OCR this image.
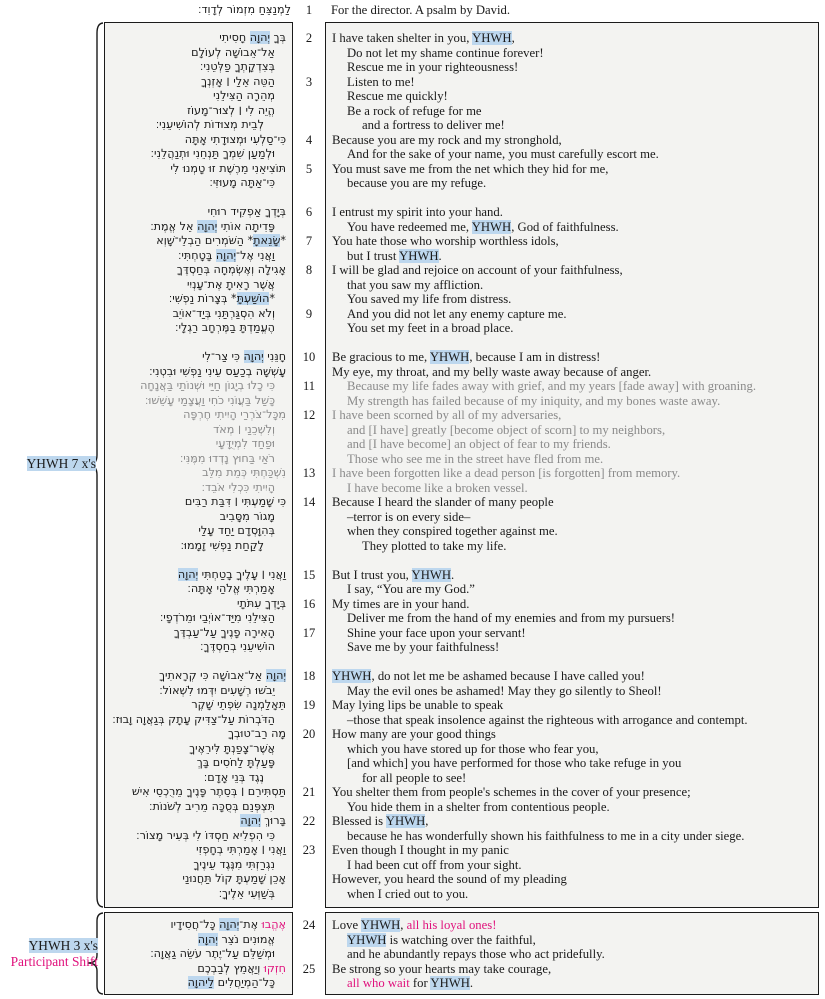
לַמְנַצֵּחַ מִזְמוֹר לְדָוִד׃	1	For the director. A psalm by David.
YHWH 7 x's
YHWH 3 x's
Participant Shift
בְּךָ יְהוָה חָסִיתִי
אַל־אֵבוֹשָׁה לְעוֹלָם
בְּצִדְקָתְךָ פַלְּטֵנִי׃
הַטֵּה אֵלַי ׀ אָזְנְךָ
מְהֵרָה הַצִּילֵנִי
הֱיֵה לִי ׀ לְצוּר־מָעוֹז
לְבֵית מְצוּדוֹת לְהוֹשִׁיעֵנִי׃
כִּי־סַלְעִי וּמְצוּדָתִי אָתָּה
וּלְמַעַן שִׁמְךָ תַּנְחֵנִי וּתְנַהֲלֵנִי׃
תּוֹצִיאֵנִי מֵרֶשֶׁת זוּ טָמְנוּ לִי
כִּי־אַתָּה מָעוּזִּי׃
בְּיָדְךָ אַפְקִיד רוּחִי
פָּדִיתָה אוֹתִי יְהוָה אֵל אֱמֶת׃
*שָׂנֵאתָ* הַשֹּׁמְרִים הַבְלֵי־שָׁוְא
וַאֲנִי אֶל־יְהוָה בָּטָחְתִּי׃
אָגִילָה וְאֶשְׂמְחָה בְּחַסְדֶּךָ
אֲשֶׁר רָאִיתָ אֶת־עָנְיִי
*הוֹשַׁעְתָּ* בְּצָרוֹת נַפְשִׁי׃
וְלֹא הִסְגַּרְתַּנִי בְּיַד־אוֹיֵב
הֶעֱמַדְתָּ בַמֶּרְחָב רַגְלָי׃
חָנֵּנִי יְהוָה כִּי צַר־לִי
עָשְׁשָׁה בְכַעַס עֵינִי נַפְשִׁי וּבִטְנִי׃
כִּי כָלוּ בְיָגוֹן חַיַּי וּשְׁנוֹתַי בַּאֲנָחָה
כָּשַׁל בַּעֲוֹנִי כֹחִי וַעֲצָמַי עָשֵׁשׁוּ׃
מִכָּל־צֹרְרַי הָיִיתִי חֶרְפָּה
וְלִשְׁכֵנַי ׀ מְאֹד
וּפַחַד לִמְיֻדָּעָי
רֹאַי בַּחוּץ נָדְדוּ מִמֶּנִּי׃
נִשְׁכַּחְתִּי כְּמֵת מִלֵּב
הָיִיתִי כִּכְלִי אֹבֵד׃
כִּי שָׁמַעְתִּי ׀ דִּבַּת רַבִּים
מָגוֹר מִסָּבִיב
בְּהִוָּסְדָם יַחַד עָלַי
לָקַחַת נַפְשִׁי זָמָמוּ׃
וַאֲנִי ׀ עָלֶיךָ בָטַחְתִּי יְהוָה
אָמַרְתִּי אֱלֹהַי אָתָּה׃
בְּיָדְךָ עִתֹּתָי
הַצִּילֵנִי מִיַּד־אוֹיְבַי וּמֵרֹדְפָי׃
הָאִירָה פָנֶיךָ עַל־עַבְדֶּךָ
הוֹשִׁיעֵנִי בְחַסְדֶּךָ׃
יְהוָה אַל־אֵבוֹשָׁה כִּי קְרָאתִיךָ
יֵבֹשׁוּ רְשָׁעִים יִדְּמוּ לִשְׁאוֹל׃
תֵּאָלַמְנָה שִׂפְתֵי שָׁקֶר
הַדֹּבְרוֹת עַל־צַדִּיק עָתָק בְּגַאֲוָה וָבוּז׃
מָה רַב־טוּבְךָ
אֲשֶׁר־צָפַנְתָּ לִּירֵאֶיךָ
פָּעַלְתָּ לַחֹסִים בָּךְ
נֶגֶד בְּנֵי אָדָם׃
תַּסְתִּירֵם ׀ בְּסֵתֶר פָּנֶיךָ מֵרֻכְסֵי אִישׁ
תִּצְפְּנֵם בְּסֻכָּה מֵרִיב לְשֹׁנוֹת׃
בָּרוּךְ יְהוָה
כִּי הִפְלִיא חַסְדּוֹ לִי בְּעִיר מָצוֹר׃
וַאֲנִי ׀ אָמַרְתִּי בְחָפְזִי
נִגְרַזְתִּי מִנֶּגֶד עֵינֶיךָ
אָכֵן שָׁמַעְתָּ קוֹל תַּחֲנוּנַי
בְּשַׁוְּעִי אֵלֶיךָ׃
2
3
4
5
6
7
8
9
10
11
12
13
14
15
16
17
18
19
20
21
22
23
I have taken shelter in you, YHWH,
Do not let my shame continue forever!
Rescue me in your righteousness!
Listen to me!
Rescue me quickly!
Be a rock of refuge for me
and a fortress to deliver me!
Because you are my rock and my stronghold,
And for the sake of your name, you must carefully escort me.
You must save me from the net which they hid for me,
because you are my refuge.
I entrust my spirit into your hand.
You have redeemed me, YHWH, God of faithfulness.
You hate those who worship worthless idols,
but I trust YHWH.
I will be glad and rejoice on account of your faithfulness,
that you saw my affliction.
You saved my life from distress.
And you did not let any enemy capture me.
You set my feet in a broad place.
Be gracious to me, YHWH, because I am in distress!
My eye, my throat, and my belly waste away because of anger.
Because my life fades away with grief, and my years [fade away] with groaning.
My strength has failed because of my iniquity, and my bones waste away.
I have been scorned by all of my adversaries,
and [I have] greatly [become object of scorn] to my neighbors,
and [I have become] an object of fear to my friends.
Those who see me in the street have fled from me.
I have been forgotten like a dead person [is forgotten] from memory.
I have become like a broken vessel.
Because I heard the slander of many people
–terror is on every side–
when they conspired together against me.
They plotted to take my life.
But I trust you, YHWH.
I say, “You are my God.”
My times are in your hand.
Deliver me from the hand of my enemies and from my pursuers!
Shine your face upon your servant!
Save me by your faithfulness!
YHWH, do not let me be ashamed because I have called you!
May the evil ones be ashamed! May they go silently to Sheol!
May lying lips be unable to speak
–those that speak insolence against the righteous with arrogance and contempt.
How many are your good things
which you have stored up for those who fear you,
[and which] you have performed for those who take refuge in you
for all people to see!
You shelter them from people's schemes in the cover of your presence;
You hide them in a shelter from contentious people.
Blessed is YHWH,
because he has wonderfully shown his faithfulness to me in a city under siege.
Even though I thought in my panic
I had been cut off from your sight.
However, you heard the sound of my pleading
when I cried out to you.
אֶהֱבוּ אֶת־יְהוָה כָּל־חֲסִידָיו
אֱמוּנִים נֹצֵר יְהוָה
וּמְשַׁלֵּם עַל־יֶתֶר עֹשֵׂה גַאֲוָה׃
חִזְקוּ וְיַאֲמֵץ לְבַבְכֶם
כָּל־הַמְיַחֲלִים לַיהוָה
24
25
Love YHWH, all his loyal ones!
YHWH is watching over the faithful,
and he abundantly repays those who act pridefully.
Be strong so your hearts may take courage,
all who wait for YHWH.
